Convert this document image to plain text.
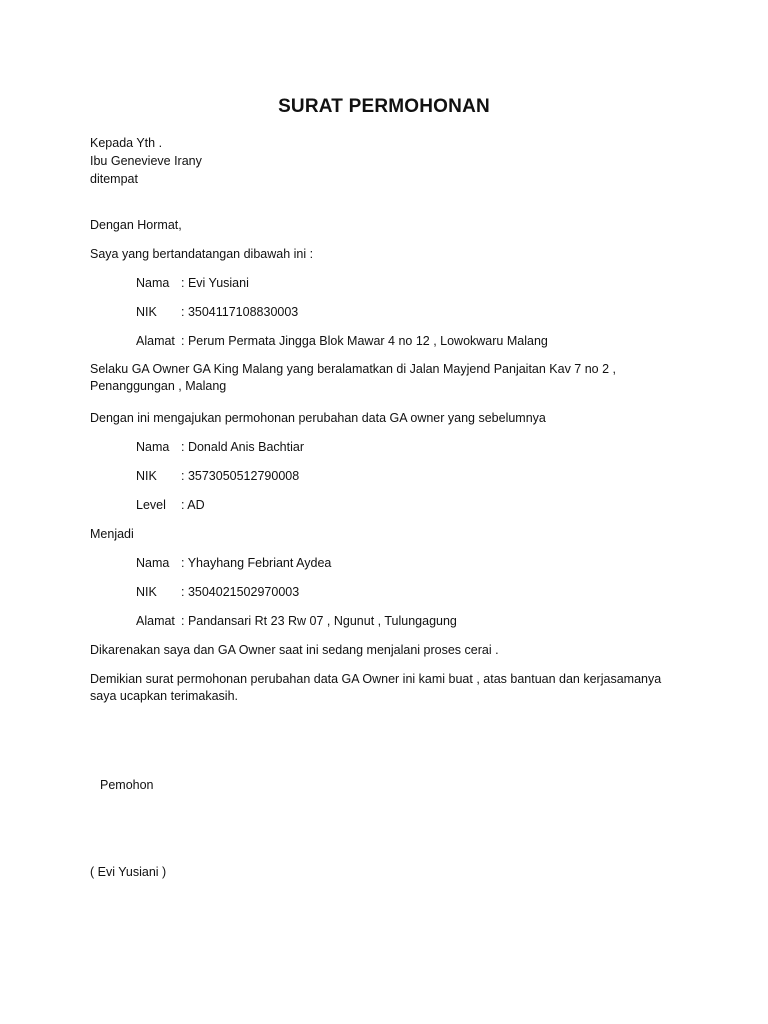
SURAT PERMOHONAN
Kepada Yth .
Ibu Genevieve Irany
ditempat
Dengan Hormat,
Saya yang bertandatangan dibawah ini :
Nama : Evi Yusiani
NIK : 3504117108830003
Alamat : Perum Permata Jingga Blok Mawar 4 no 12 , Lowokwaru Malang
Selaku GA Owner GA King Malang yang beralamatkan di Jalan Mayjend Panjaitan Kav 7 no 2 , Penanggungan , Malang
Dengan ini mengajukan permohonan perubahan data GA owner yang sebelumnya
Nama : Donald Anis Bachtiar
NIK : 3573050512790008
Level : AD
Menjadi
Nama : Yhayhang Febriant Aydea
NIK : 3504021502970003
Alamat : Pandansari Rt 23 Rw 07 , Ngunut , Tulungagung
Dikarenakan saya dan GA Owner saat ini sedang menjalani proses cerai .
Demikian surat permohonan perubahan data GA Owner ini kami buat , atas bantuan dan kerjasamanya saya ucapkan terimakasih.
Pemohon
( Evi Yusiani )
